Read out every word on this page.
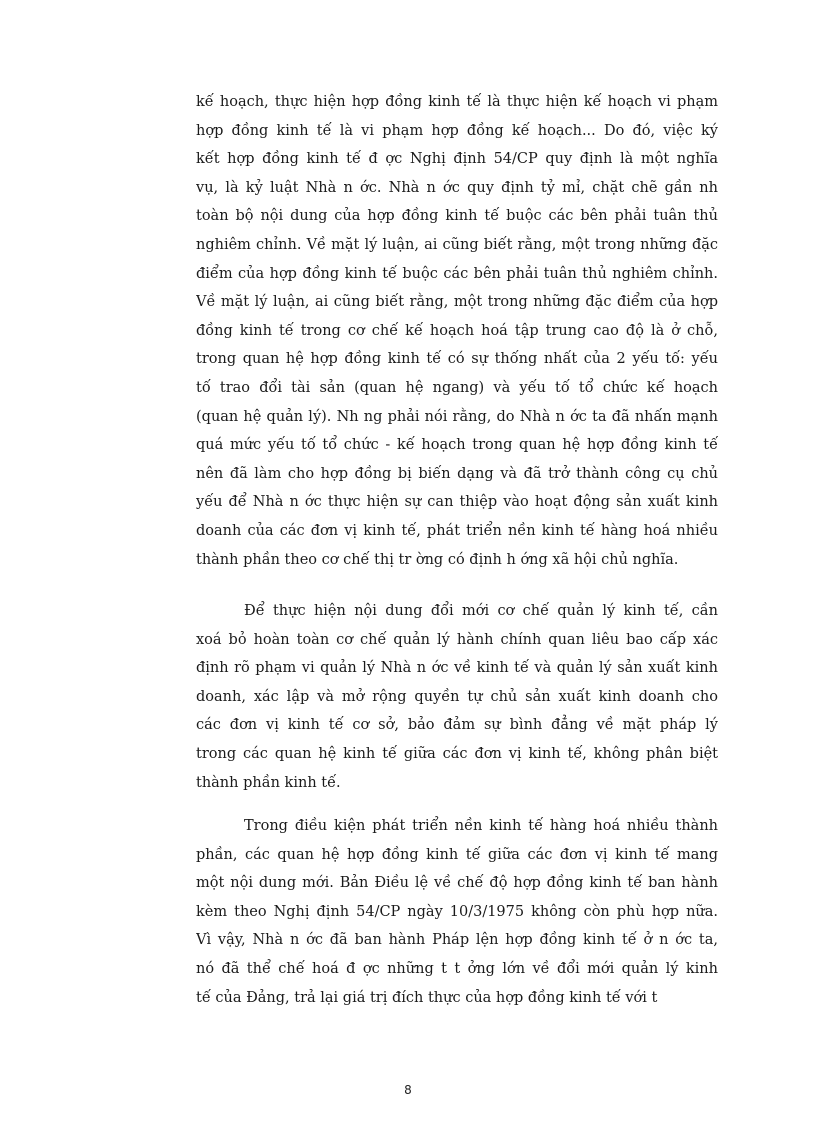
kế hoạch, thực hiện hợp đồng kinh tế là thực hiện kế hoạch vi phạm
hợp đồng kinh tế là vi phạm hợp đồng kế hoạch... Do đó, việc ký
kết hợp đồng kinh tế đ ợc Nghị định 54/CP quy định là một nghĩa
vụ, là kỷ luật Nhà n ớc. Nhà n ớc quy định tỷ mỉ, chặt chẽ gần nh
toàn bộ nội dung của hợp đồng kinh tế buộc các bên phải tuân thủ
nghiêm chỉnh. Về mặt lý luận, ai cũng biết rằng, một trong những đặc
điểm của hợp đồng kinh tế buộc các bên phải tuân thủ nghiêm chỉnh.
Về mặt lý luận, ai cũng biết rằng, một trong những đặc điểm của hợp
đồng kinh tế trong cơ chế kế hoạch hoá tập trung cao độ là ở chỗ,
trong quan hệ hợp đồng kinh tế có sự thống nhất của 2 yếu tố: yếu
tố trao đổi tài sản (quan hệ ngang) và yếu tố tổ chức kế hoạch
(quan hệ quản lý). Nh ng phải nói rằng, do Nhà n ớc ta đã nhấn mạnh
quá mức yếu tố tổ chức - kế hoạch trong quan hệ hợp đồng kinh tế
nên đã làm cho hợp đồng bị biến dạng và đã trở thành công cụ chủ
yếu để Nhà n ớc thực hiện sự can thiệp vào hoạt động sản xuất kinh
doanh của các đơn vị kinh tế, phát triển nền kinh tế hàng hoá nhiều
thành phần theo cơ chế thị tr ờng có định h ớng xã hội chủ nghĩa.
Để thực hiện nội dung đổi mới cơ chế quản lý kinh tế, cần
xoá bỏ hoàn toàn cơ chế quản lý hành chính quan liêu bao cấp xác
định rõ phạm vi quản lý Nhà n ớc về kinh tế và quản lý sản xuất kinh
doanh, xác lập và mở rộng quyền tự chủ sản xuất kinh doanh cho
các đơn vị kinh tế cơ sở, bảo đảm sự bình đẳng về mặt pháp lý
trong các quan hệ kinh tế giữa các đơn vị kinh tế, không phân biệt
thành phần kinh tế.
Trong điều kiện phát triển nền kinh tế hàng hoá nhiều thành
phần, các quan hệ hợp đồng kinh tế giữa các đơn vị kinh tế mang
một nội dung mới. Bản Điều lệ về chế độ hợp đồng kinh tế ban hành
kèm theo Nghị định 54/CP ngày 10/3/1975 không còn phù hợp nữa.
Vì vậy, Nhà n ớc đã ban hành Pháp lện hợp đồng kinh tế ở n ớc ta,
nó đã thể chế hoá đ ợc những t t ởng lớn về đổi mới quản lý kinh
tế của Đảng, trả lại giá trị đích thực của hợp đồng kinh tế với t
8
